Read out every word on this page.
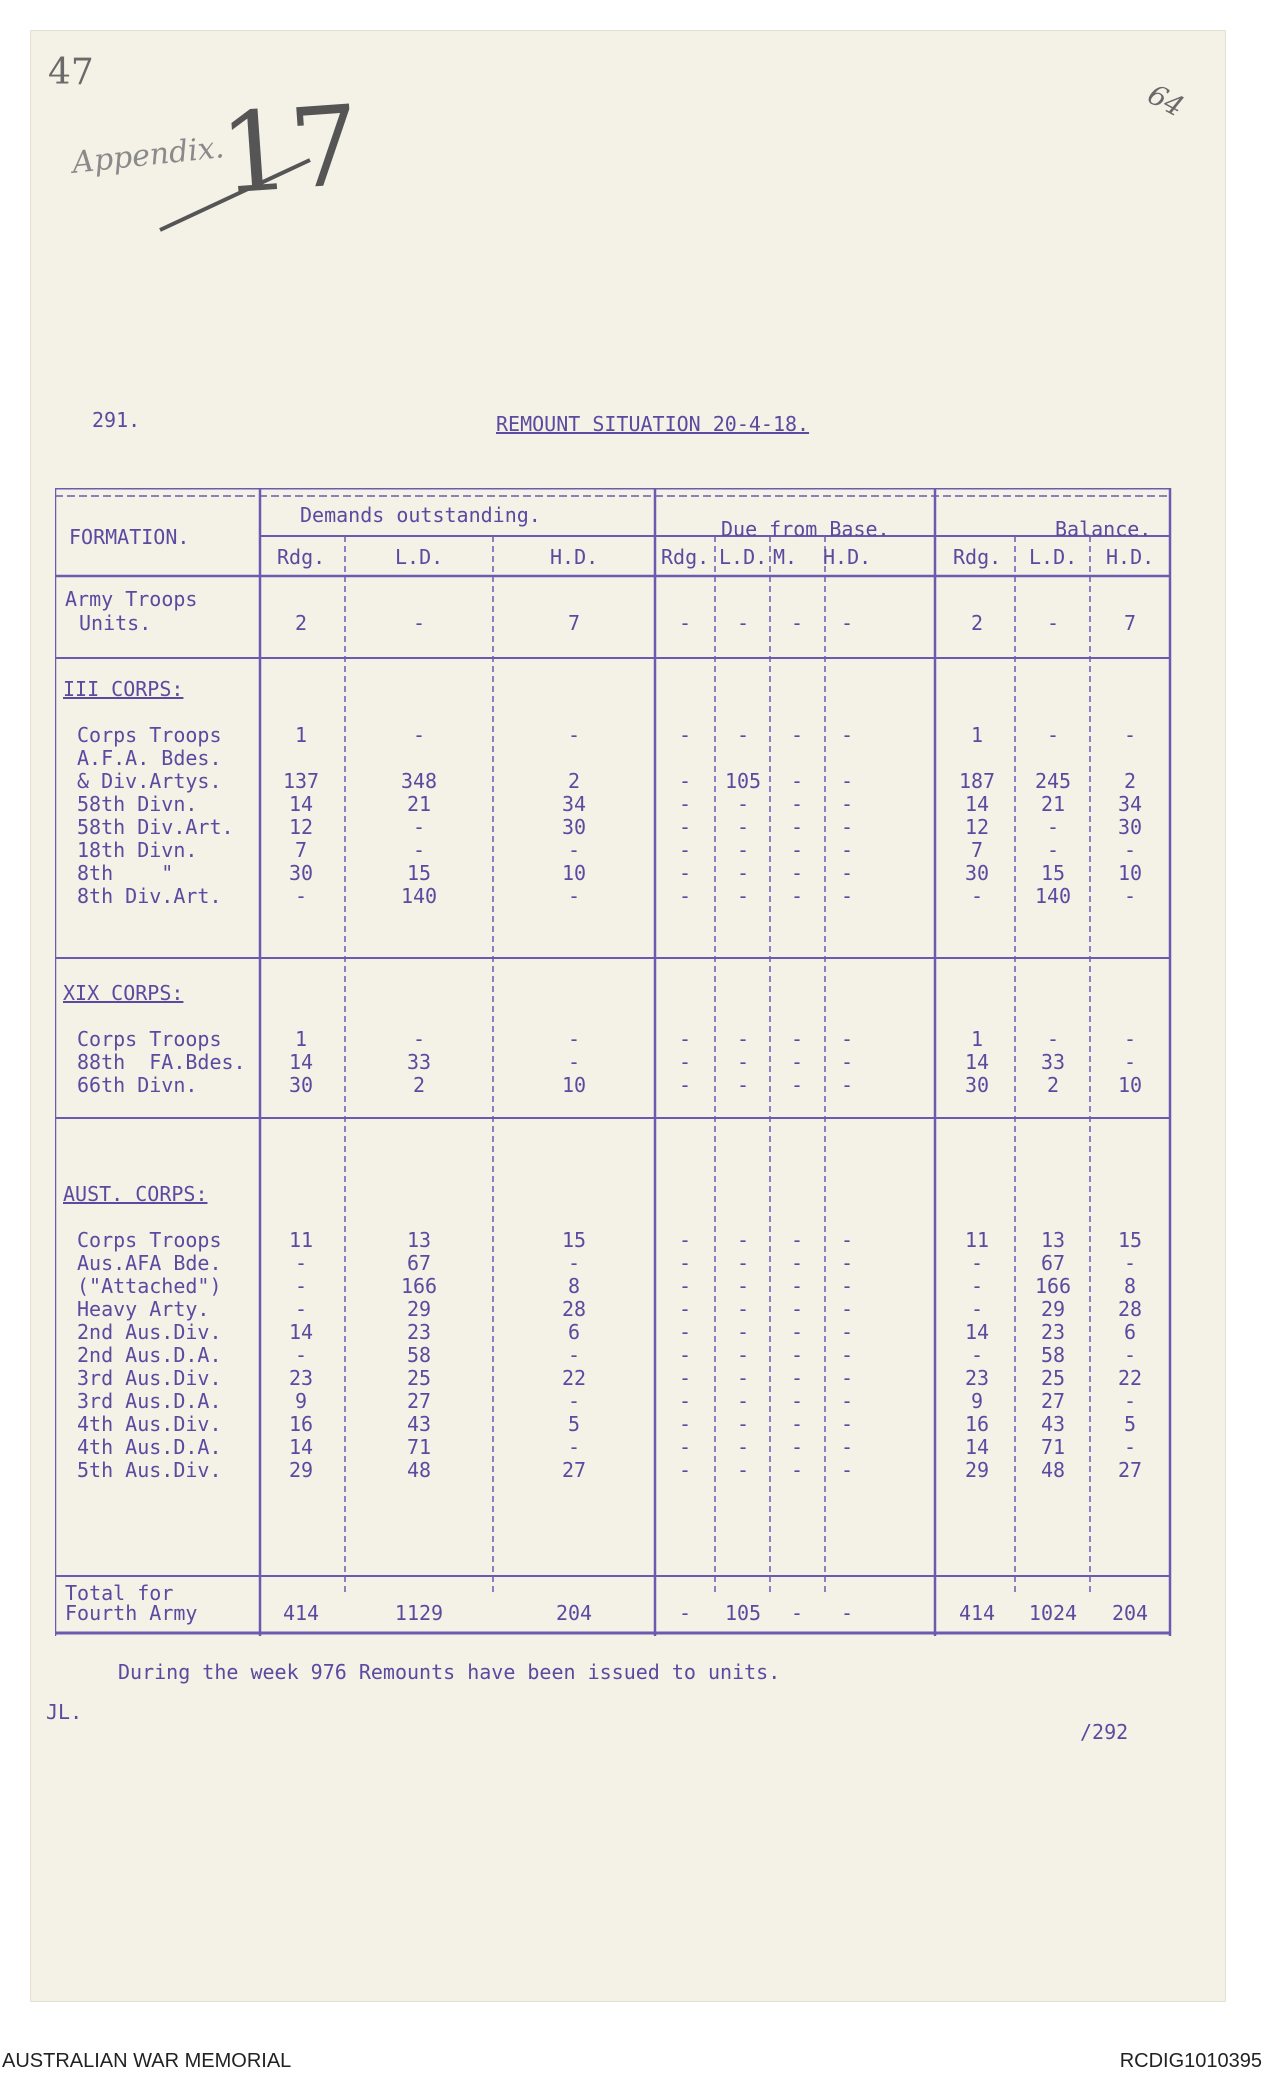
47
64
Appendix.
17
291.	REMOUNT SITUATION 20-4-18.
FORMATION.
Demands outstanding.
Due from Base.	Balance.
Rdg.	L.D.	H.D.	Rdg. L.D. M. H.D.	Rdg. L.D. H.D.
Army Troops
Units.	2	-	7	-	-	-	-	2	-	7
III CORPS:
Corps Troops	1	-	-	-	-	-	-	1	-	-
A.F.A. Bdes.
& Div.Artys.	137	348	2	-	105	-	-	187	245	2
58th Divn.	14	21	34	-	-	-	-	14	21	34
58th Div.Art.	12	-	30	-	-	-	-	12	-	30
18th Divn.	7	-	-	-	-	-	-	7	-	-
8th    "	30	15	10	-	-	-	-	30	15	10
8th Div.Art.	-	140	-	-	-	-	-	-	140	-
XIX CORPS:
Corps Troops	1	-	-	-	-	-	-	1	-	-
88th  FA.Bdes.	14	33	-	-	-	-	-	14	33	-
66th Divn.	30	2	10	-	-	-	-	30	2	10
AUST. CORPS:
Corps Troops	11	13	15	-	-	-	-	11	13	15
Aus.AFA Bde.	-	67	-	-	-	-	-	-	67	-
("Attached")	-	166	8	-	-	-	-	-	166	8
Heavy Arty.	-	29	28	-	-	-	-	-	29	28
2nd Aus.Div.	14	23	6	-	-	-	-	14	23	6
2nd Aus.D.A.	-	58	-	-	-	-	-	-	58	-
3rd Aus.Div.	23	25	22	-	-	-	-	23	25	22
3rd Aus.D.A.	9	27	-	-	-	-	-	9	27	-
4th Aus.Div.	16	43	5	-	-	-	-	16	43	5
4th Aus.D.A.	14	71	-	-	-	-	-	14	71	-
5th Aus.Div.	29	48	27	-	-	-	-	29	48	27
Total for
Fourth Army	414	1129	204	-	105	-	-	414	1024	204
During the week 976 Remounts have been issued to units.
JL.
/292
AUSTRALIAN WAR MEMORIAL	RCDIG1010395
